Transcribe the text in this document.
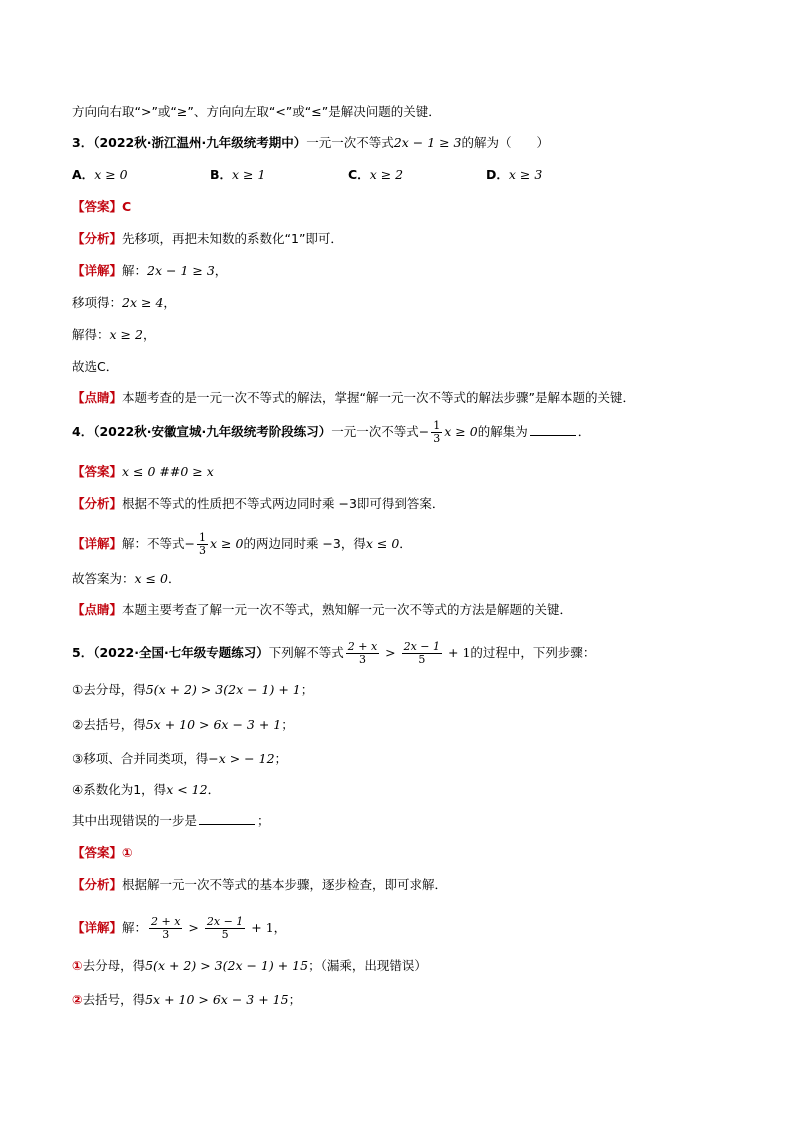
方向向右取“>”或“≥”、方向向左取“<”或“≤”是解决问题的关键．
3．（2022秋·浙江温州·九年级统考期中）一元一次不等式2x − 1 ≥ 3的解为（　　）
A．x ≥ 0	B．x ≥ 1	C．x ≥ 2	D．x ≥ 3
【答案】C
【分析】先移项，再把未知数的系数化“1”即可．
【详解】解：2x − 1 ≥ 3，
移项得：2x ≥ 4，
解得：x ≥ 2，
故选C．
【点睛】本题考查的是一元一次不等式的解法，掌握“解一元一次不等式的解法步骤”是解本题的关键．
4．（2022秋·安徽宣城·九年级统考阶段练习）一元一次不等式− $\frac{1}{3}$ x ≥ 0的解集为	．
【答案】x ≤ 0 ##0 ≥ x
【分析】根据不等式的性质把不等式两边同时乘 −3即可得到答案．
【详解】解：不等式− $\frac{1}{3}$ x ≥ 0的两边同时乘 −3，得x ≤ 0．
故答案为：x ≤ 0．
【点睛】本题主要考查了解一元一次不等式，熟知解一元一次不等式的方法是解题的关键．
5．（2022·全国·七年级专题练习）下列解不等式 $\frac{2 + x}{3} > \frac{2x - 1}{5} + 1$的过程中，下列步骤：
①去分母，得5(x + 2) > 3(2x − 1) + 1；
②去括号，得5x + 10 > 6x − 3 + 1；
③移项、合并同类项，得−x > − 12；
④系数化为1，得x < 12．
其中出现错误的一步是	；
【答案】①
【分析】根据解一元一次不等式的基本步骤，逐步检查，即可求解．
【详解】解： $\frac{2 + x}{3} > \frac{2x - 1}{5} + 1$，
①去分母，得5(x + 2) > 3(2x − 1) + 15；（漏乘，出现错误）
②去括号，得5x + 10 > 6x − 3 + 15；
